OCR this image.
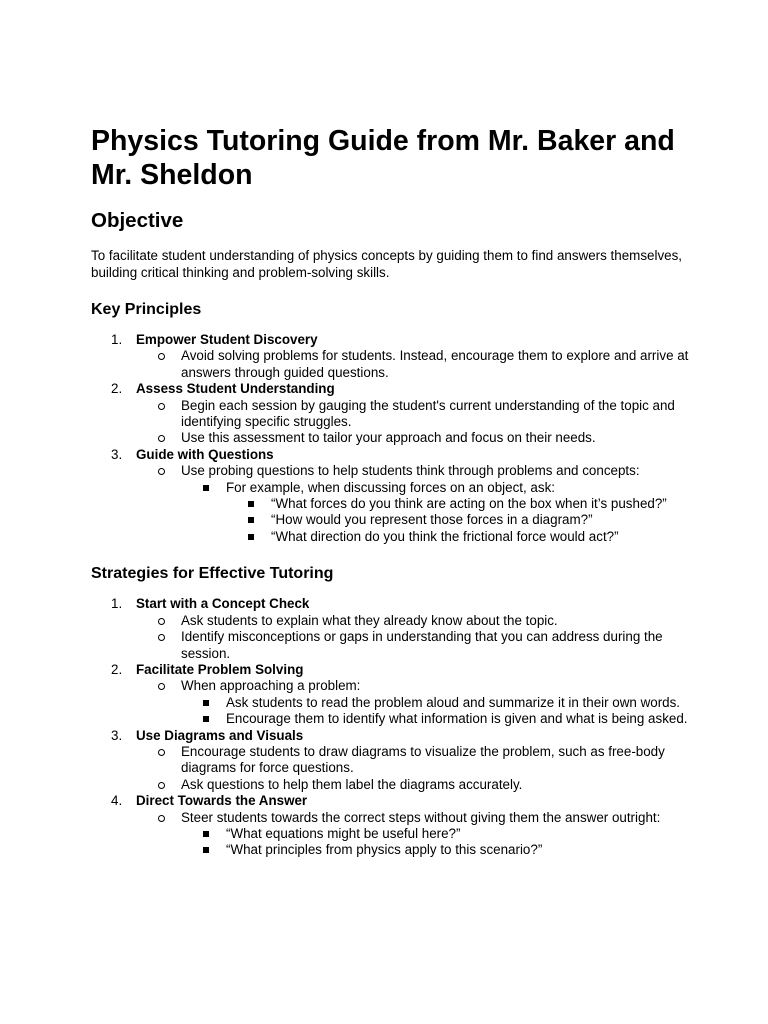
Physics Tutoring Guide from Mr. Baker and Mr. Sheldon
Objective

To facilitate student understanding of physics concepts by guiding them to find answers themselves, building critical thinking and problem-solving skills.

Key Principles
1.	Empower Student Discovery
Avoid solving problems for students. Instead, encourage them to explore and arrive at answers through guided questions.
2.	Assess Student Understanding
Begin each session by gauging the student's current understanding of the topic and identifying specific struggles.
Use this assessment to tailor your approach and focus on their needs.
3.	Guide with Questions
Use probing questions to help students think through problems and concepts:
For example, when discussing forces on an object, ask:
“What forces do you think are acting on the box when it’s pushed?”
“How would you represent those forces in a diagram?”
“What direction do you think the frictional force would act?”
Strategies for Effective Tutoring
1.	Start with a Concept Check
Ask students to explain what they already know about the topic.
Identify misconceptions or gaps in understanding that you can address during the session.
2.	Facilitate Problem Solving
When approaching a problem:
Ask students to read the problem aloud and summarize it in their own words.
Encourage them to identify what information is given and what is being asked.
3.	Use Diagrams and Visuals
Encourage students to draw diagrams to visualize the problem, such as free-body diagrams for force questions.
Ask questions to help them label the diagrams accurately.
4.	Direct Towards the Answer
Steer students towards the correct steps without giving them the answer outright:
“What equations might be useful here?”
“What principles from physics apply to this scenario?”
